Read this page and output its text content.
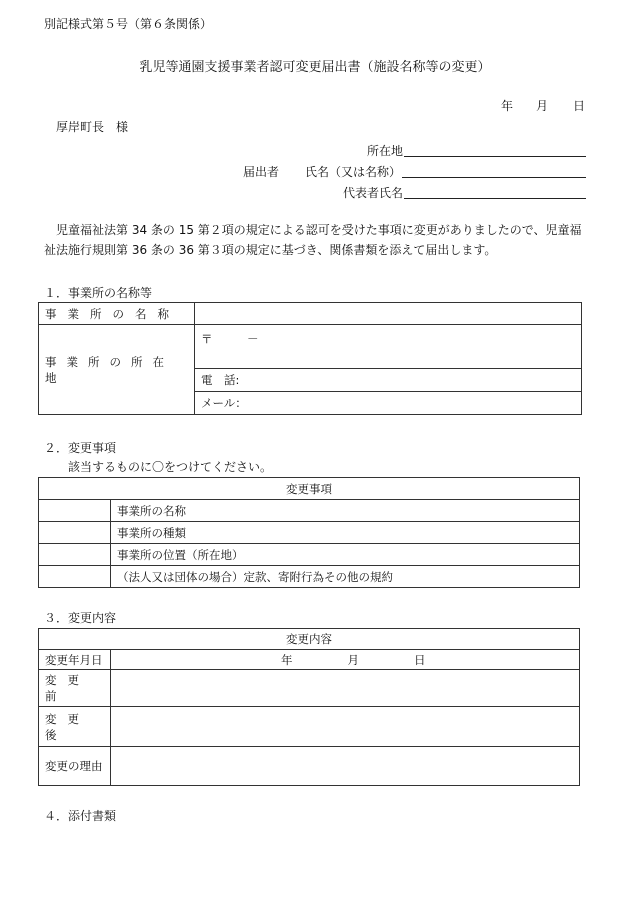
別記様式第５号（第６条関係）
乳児等通園支援事業者認可変更届出書（施設名称等の変更）
年 月 日
厚岸町長　様
所在地
届出者 氏名（又は名称）
代表者氏名
児童福祉法第 34 条の 15 第２項の規定による認可を受けた事項に変更がありましたので、児童福
祉法施行規則第 36 条の 36 第３項の規定に基づき、関係書類を添えて届出します。
１．事業所の名称等
事業所の名称	
事業所の所在地	〒　　　－
	電　話:
	メール：
２．変更事項
該当するものに〇をつけてください。
変更事項	
	事業所の名称
	事業所の種類
	事業所の位置（所在地）
	（法人又は団体の場合）定款、寄附行為その他の規約
３．変更内容
変更内容	
変更年月日	年 月 日
変更前	
変更後	
変更の理由	
４．添付書類
